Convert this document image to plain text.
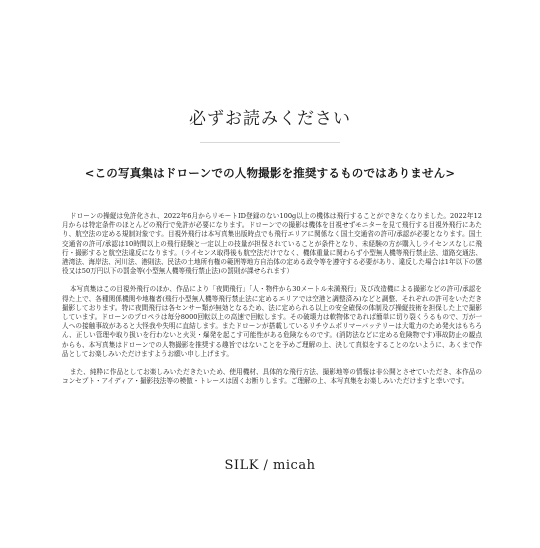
必ずお読みください
<この写真集はドローンでの人物撮影を推奨するものではありません>

ドローンの操縦は免許化され、2022年6月からリモートID登録のない100g以上の機体は飛行することができなくなりました。2022年12月からは特定条件のほとんどの飛行で免許が必要になります。ドローンでの撮影は機体を目視せずモニターを見て飛行する目視外飛行にあたり、航空法の定める規制対象です。目視外飛行は本写真集出版時点でも飛行エリアに関係なく国土交通省の許可/承認が必要となります。国土交通省の許可/承認は10時間以上の飛行経験と一定以上の技量が担保されていることが条件となり、未経験の方が購入しライセンスなしに飛行・撮影すると航空法違反になります。（ライセンス取得後も航空法だけでなく、機体重量に関わらず小型無人機等飛行禁止法、道路交通法、港湾法、海岸法、河川法、港則法、民法の土地所有権の範囲等地方自治体の定める政令等を遵守する必要があり、違反した場合は1年以下の懲役又は50万円以下の罰金等(小型無人機等飛行禁止法)の罰則が課せられます）

本写真集はこの目視外飛行のほか、作品により「夜間飛行」「人・物件から30メートル未満飛行」及び改造機による撮影などの許可/承認を得た上で、各種関係機関や地権者(飛行小型無人機等飛行禁止法に定めるエリアでは空港と調整済み)などと調整、それぞれの許可をいただき撮影しております。特に夜間飛行は各センサー類が無効となるため、法に定められる以上の安全確保の体制及び操縦技術を担保した上で撮影しています。ドローンのプロペラは毎分8000回転以上の高速で回転します。その破壊力は軟物体であれば簡単に切り裂くうるもので、万が一人への接触事故があると大怪我や失明に直結します。またドローンが搭載しているリチウムポリマーバッテリーは大電力のため発火はもちろん、正しい管理や取り扱いを行わないと火災・爆発を起こす可能性がある危険なものです。(消防法などに定める危険物です)事故防止の観点からも、本写真集はドローンでの人物撮影を推奨する趣旨ではないことを予めご理解の上、決して真似をすることのないように、あくまで作品としてお楽しみいただけますようお願い申し上げます。

また、純粋に作品としてお楽しみいただきたいため、使用機材、具体的な飛行方法、撮影地等の情報は非公開とさせていただき、本作品のコンセプト・アイディア・撮影技法等の模倣・トレースは固くお断りします。ご理解の上、本写真集をお楽しみいただけますと幸いです。

SILK / micah
